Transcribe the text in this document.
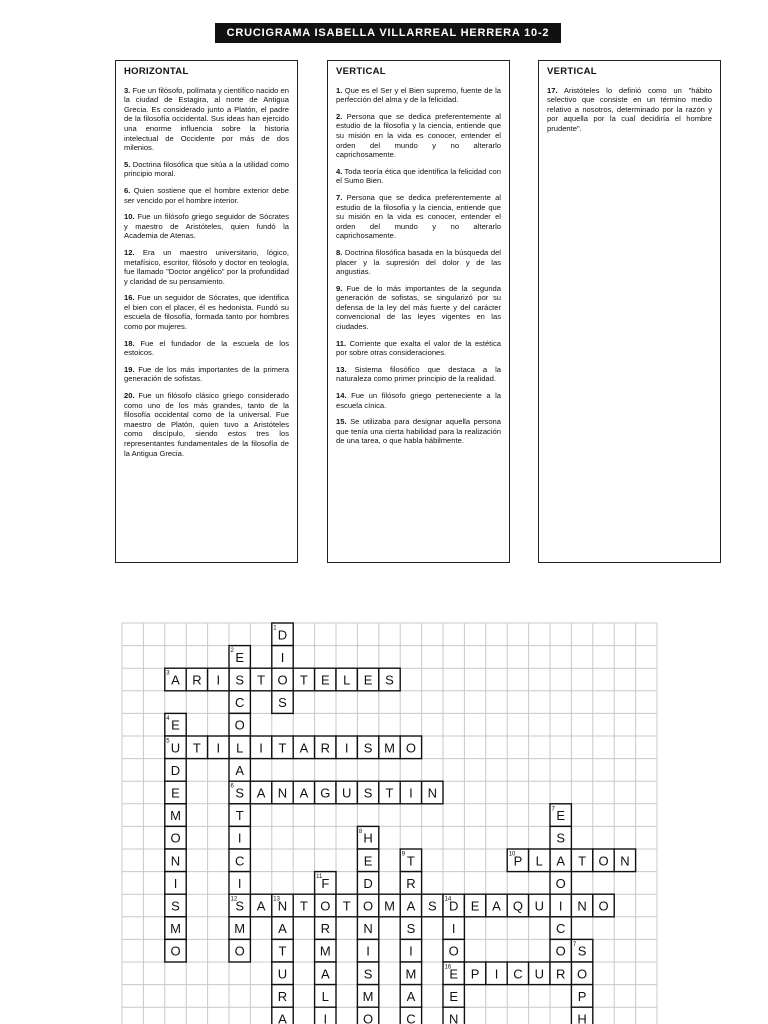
CRUCIGRAMA ISABELLA VILLARREAL HERRERA 10-2
HORIZONTAL

3. Fue un filósofo, polímata y científico nacido en la ciudad de Estagira, al norte de Antigua Grecia. Es considerado junto a Platón, el padre de la filosofía occidental. Sus ideas han ejercido una enorme influencia sobre la historia intelectual de Occidente por más de dos milenios.

5. Doctrina filosófica que sitúa a la utilidad como principio moral.

6. Quien sostiene que el hombre exterior debe ser vencido por el hombre interior.

10. Fue un filósofo griego seguidor de Sócrates y maestro de Aristóteles, quien fundó la Academia de Atenas.

12. Era un maestro universitario, lógico, metafísico, escritor, filósofo y doctor en teología, fue llamado "Doctor angélico" por la profundidad y claridad de su pensamiento.

16. Fue un seguidor de Sócrates, que identifica el bien con el placer, él es hedonista. Fundó su escuela de filosofía, formada tanto por hombres como por mujeres.

18. Fue el fundador de la escuela de los estoicos.

19. Fue de los más importantes de la primera generación de sofistas.

20. Fue un filósofo clásico griego considerado como uno de los más grandes, tanto de la filosofía occidental como de la universal. Fue maestro de Platón, quien tuvo a Aristóteles como discípulo, siendo estos tres los representantes fundamentales de la filosofía de la Antigua Grecia.

VERTICAL

1. Que es el Ser y el Bien supremo, fuente de la perfección del alma y de la felicidad.

2. Persona que se dedica preferentemente al estudio de la filosofía y la ciencia, entiende que su misión en la vida es conocer, entender el orden del mundo y no alterarlo caprichosamente.

4. Toda teoría ética que identifica la felicidad con el Sumo Bien.

7. Persona que se dedica preferentemente al estudio de la filosofía y la ciencia, entiende que su misión en la vida es conocer, entender el orden del mundo y no alterarlo caprichosamente.

8. Doctrina filosófica basada en la búsqueda del placer y la supresión del dolor y de las angustias.

9. Fue de lo más importantes de la segunda generación de sofistas, se singularizó por su defensa de la ley del más fuerte y del carácter convencional de las leyes vigentes en las ciudades.

11. Corriente que exalta el valor de la estética por sobre otras consideraciones.

13. Sistema filosófico que destaca a la naturaleza como primer principio de la realidad.

14. Fue un filósofo griego perteneciente a la escuela cínica.

15. Se utilizaba para designar aquella persona que tenía una cierta habilidad para la realización de una tarea, o que habla hábilmente.

VERTICAL

17. Aristóteles lo definió como un "hábito selectivo que consiste en un término medio relativo a nosotros, determinado por la razón y por aquella por la cual decidiría el hombre prudente".

D
I
O
S
E
S
C
O
L
A
S
T
I
C
I
S
M
O
A R I	T	T E L E S
E
U
D
E
M
O
N
I
S
M
O
T I	I T A R I S M O
A N A G U S T I N
E
S
A
O
I
C
O S
O
P
H
H
E
D
O
N
I
S
M
O
T
R
A
S
I
M
A
C
P L	T O N
F
O
R
M
A
L
I
A N T	T	M	S D E A Q U	N O
A
T
U
R
A
I
O
E
E
N
P I C U R
1
2
3
4
5
6
7
7
8
9	10
11
12	13	14
16
